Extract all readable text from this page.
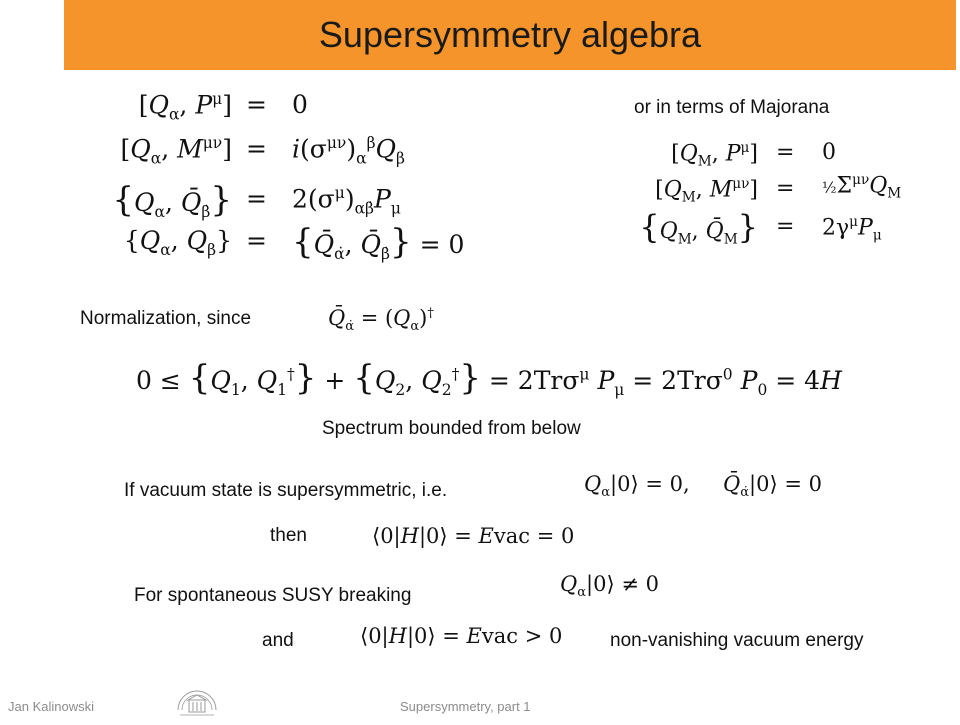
Supersymmetry algebra
[$Q_\alpha$, $P^\mu] = 0$
[$Q_\alpha$, $M^{\mu\nu}] = i(\sigma^{\mu\nu})_\alpha^\beta Q_\beta$
{$Q_\alpha$, $Q̄_{\betȧ}\} = 2(\sigma^\mu)_{\alpha\betȧ}P_\mu$
{$Q_\alpha$, $Q_\beta$} = {$Q̄_{\alphȧ}$, $Q̄_{\betȧ}\} = 0$
or in terms of Majorana
[$Q_M$, $P^\mu] = 0$
[$Q_M$, $M^{\mu\nu}$] = $\frac{1}{2}\Sigma^{\mu\nu}Q_M$
{$Q_M$, $Q̄_M\} = 2\gamma^\mu P_\mu$
Normalization, since	$Q̄_{\alphȧ} = (Q_\alpha)^\dagger$
$0 \le \{Q_1$, $Q_1^\dagger\} + \{Q_2$, $Q_2^\dagger\} = 2Tr\sigma^\mu$ $P_\mu = 2Tr\sigma^0$ $P_0 = 4H$
Spectrum bounded from below
If vacuum state is supersymmetric, i.e.	$Q_\alpha|0⟩ = 0$,     $Q̄_{\alphȧ}|0⟩ = 0$
then	⟨0|H|0⟩ = Evac = 0
For spontaneous SUSY breaking	$Q_\alpha|0⟩ \ne 0$
and	⟨0|H|0⟩ = Evac > 0	non-vanishing vacuum energy
Jan Kalinowski	Supersymmetry, part 1
